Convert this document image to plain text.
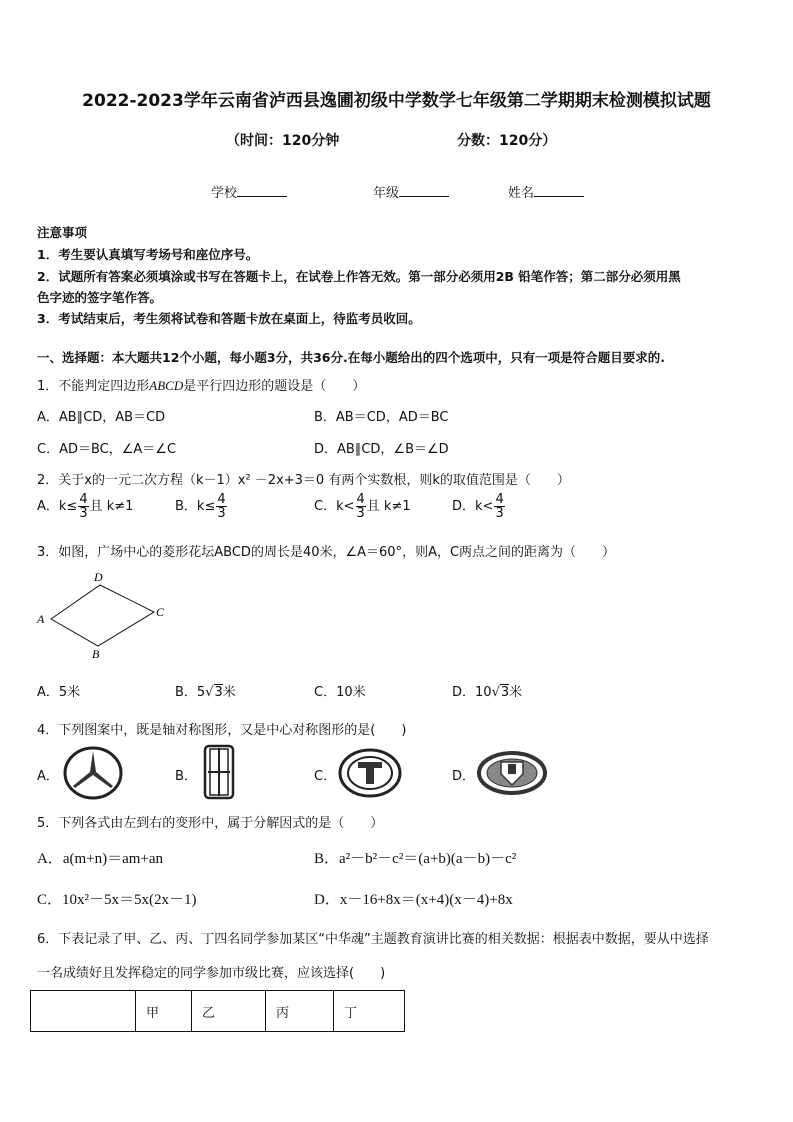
2022-2023学年云南省泸西县逸圃初级中学数学七年级第二学期期末检测模拟试题
（时间：120分钟	分数：120分）
学校	年级	姓名
注意事项
1．考生要认真填写考场号和座位序号。
2．试题所有答案必须填涂或书写在答题卡上，在试卷上作答无效。第一部分必须用2B 铅笔作答；第二部分必须用黑
色字迹的签字笔作答。
3．考试结束后，考生须将试卷和答题卡放在桌面上，待监考员收回。
一、选择题：本大题共12个小题，每小题3分，共36分.在每小题给出的四个选项中，只有一项是符合题目要求的.
1．不能判定四边形ABCD是平行四边形的题设是（　　）
A．AB∥CD，AB＝CD	B．AB＝CD，AD＝BC
C．AD＝BC，∠A＝∠C	D．AB∥CD，∠B＝∠D
2．关于x的一元二次方程（k－1）x² －2x+3＝0 有两个实数根，则k的取值范围是（　　）
A．$k\le \frac{4}{3}$ 且 k≠1	B．$k\le \frac{4}{3}$	C．$k< \frac{4}{3}$ 且 k≠1	D．$k< \frac{4}{3}$
3．如图，广场中心的菱形花坛ABCD的周长是40米，∠A＝60°，则A，C两点之间的距离为（　　）
A
D
C
B
A．5米	B．5√3米	C．10米	D．10√3米
4．下列图案中，既是轴对称图形，又是中心对称图形的是(　　)
A．	B．	C．	D．
5．下列各式由左到右的变形中，属于分解因式的是（　　）
A．a(m+n)＝am+an	B．a²－b²－c²＝(a+b)(a－b)－c²
C．10x²－5x＝5x(2x－1)	D．x－16+8x＝(x+4)(x－4)+8x
6．下表记录了甲、乙、丙、丁四名同学参加某区“中华魂”主题教育演讲比赛的相关数据：根据表中数据，要从中选择
一名成绩好且发挥稳定的同学参加市级比赛，应该选择(　　)
	甲	乙	丙	丁
